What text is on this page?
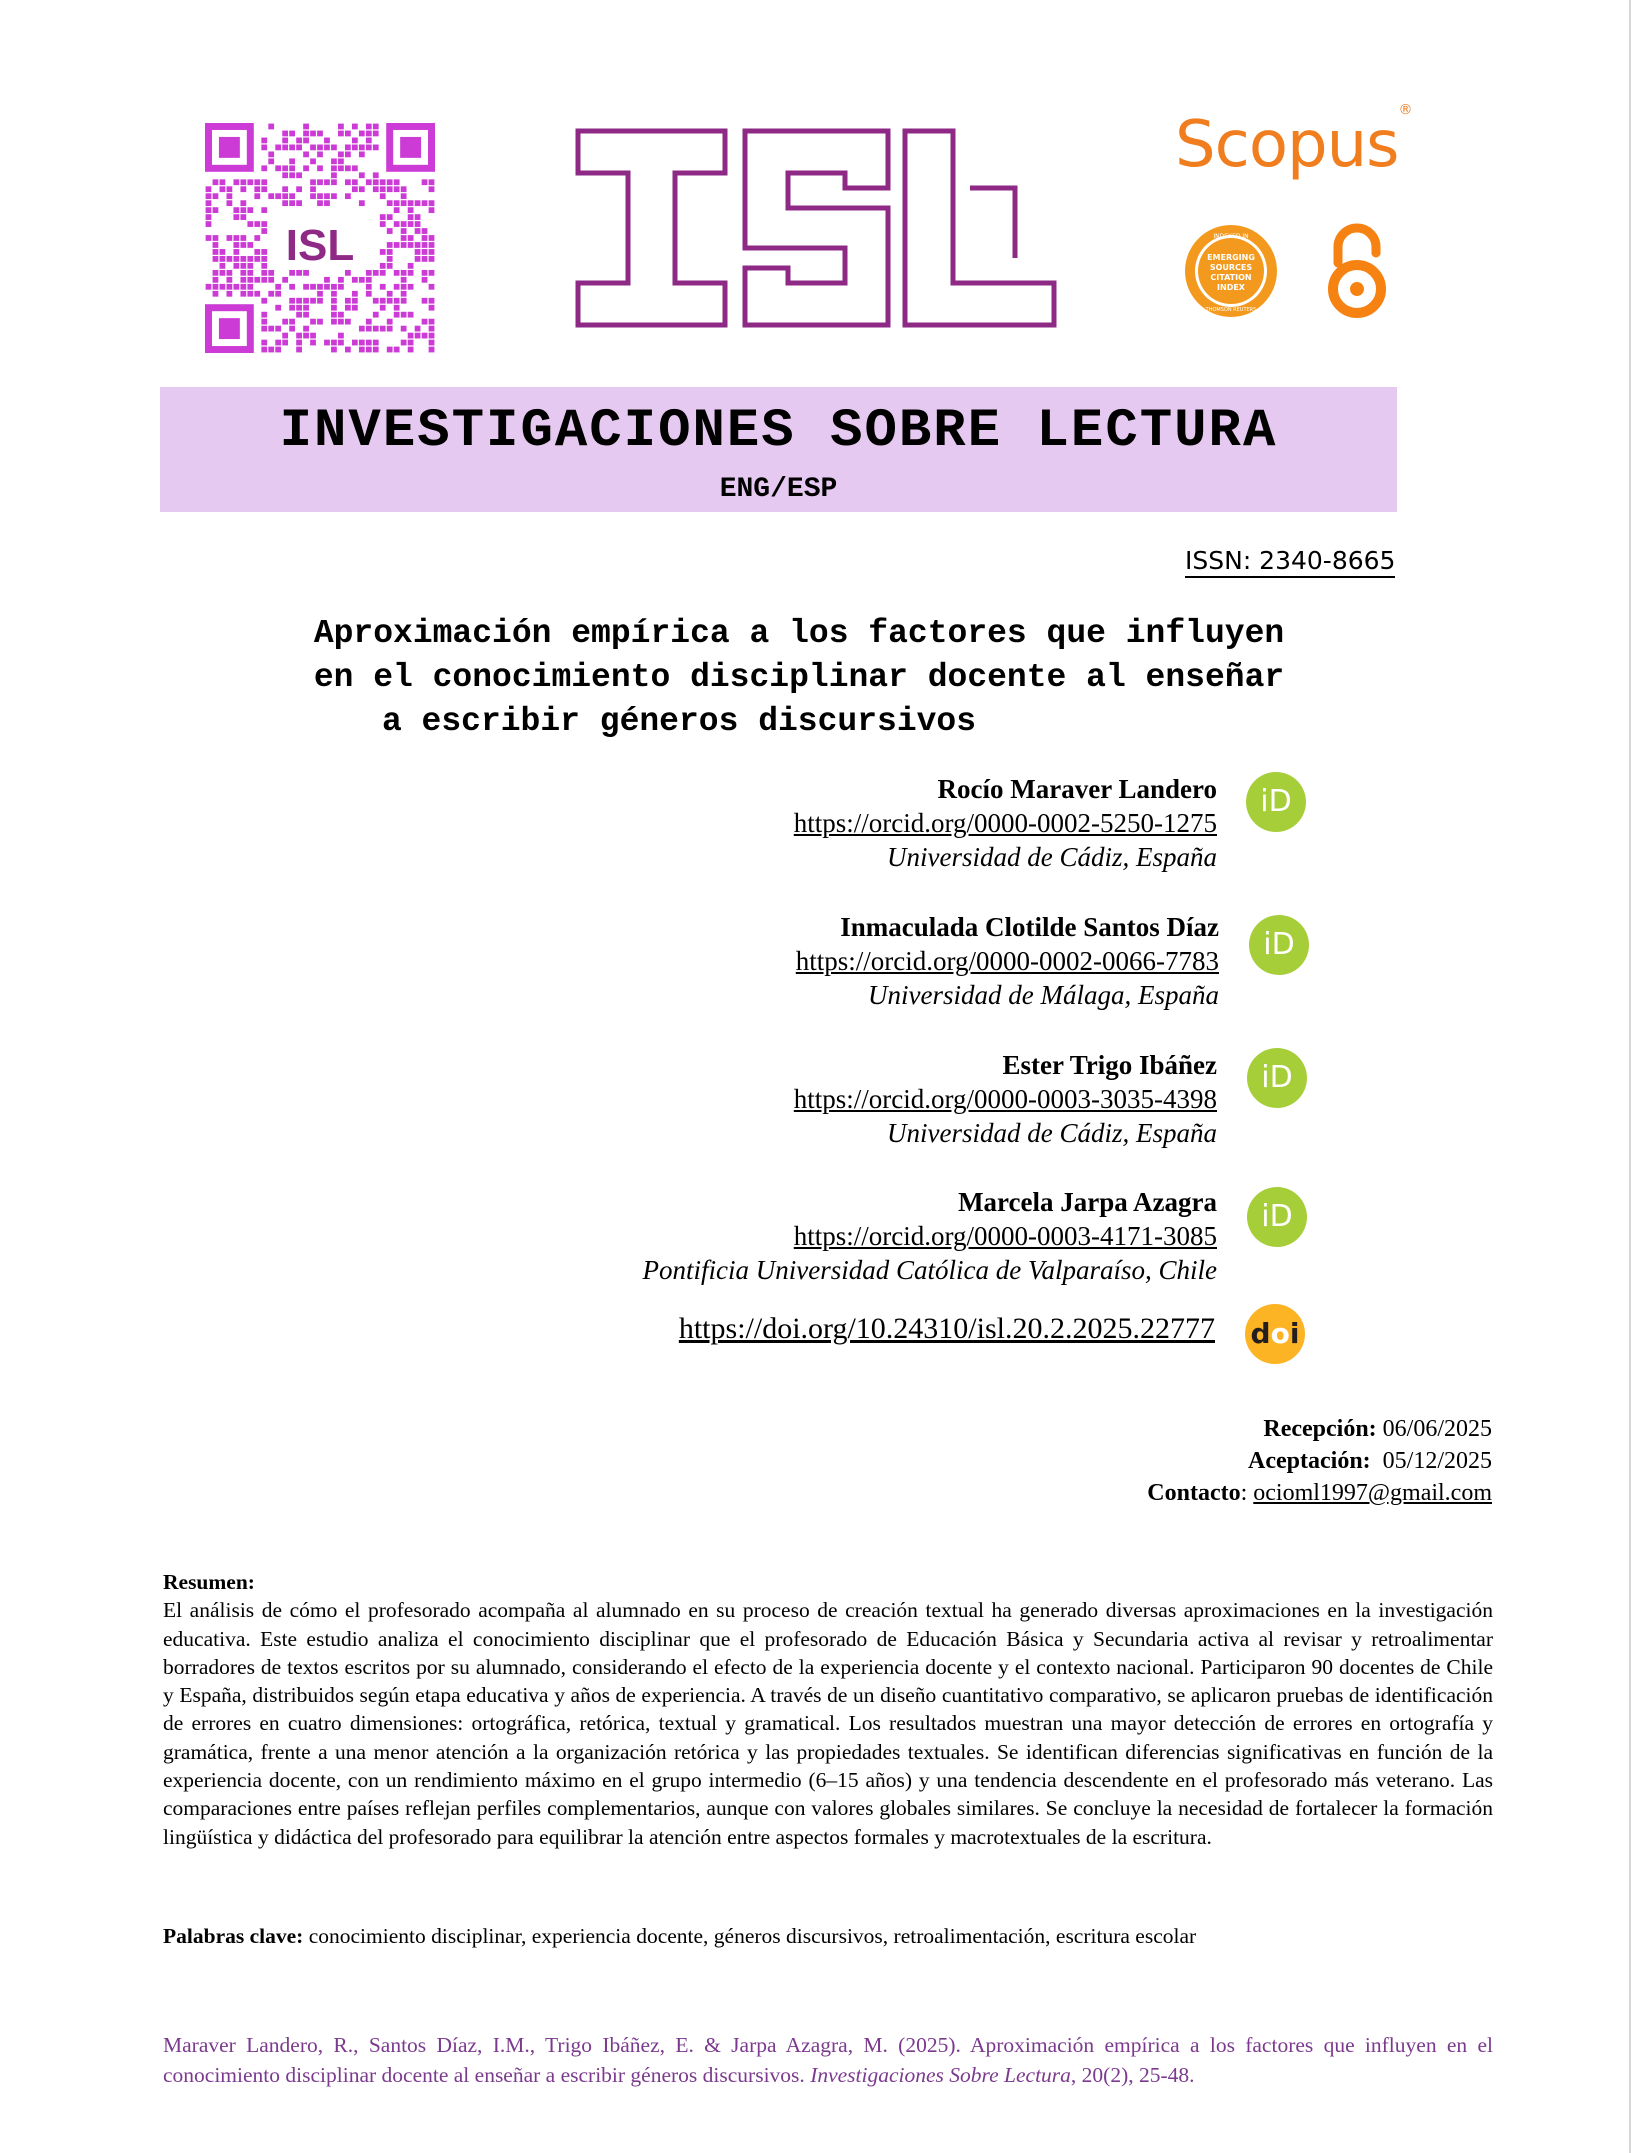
ISL
Scopus®
INDEXED IN
EMERGING
SOURCES
CITATION
INDEX
THOMSON REUTERS
INVESTIGACIONES SOBRE LECTURA
ENG/ESP
ISSN: 2340-8665
Aproximación empírica a los factores que influyen
en el conocimiento disciplinar docente al enseñar
a escribir géneros discursivos
Rocío Maraver Landero
https://orcid.org/0000-0002-5250-1275
Universidad de Cádiz, España
iD
Inmaculada Clotilde Santos Díaz
https://orcid.org/0000-0002-0066-7783
Universidad de Málaga, España
iD
Ester Trigo Ibáñez
https://orcid.org/0000-0003-3035-4398
Universidad de Cádiz, España
iD
Marcela Jarpa Azagra
https://orcid.org/0000-0003-4171-3085
Pontificia Universidad Católica de Valparaíso, Chile
iD
https://doi.org/10.24310/isl.20.2.2025.22777 doi
Recepción: 06/06/2025
Aceptación:  05/12/2025
Contacto: ocioml1997@gmail.com
Resumen:
El análisis de cómo el profesorado acompaña al alumnado en su proceso de creación textual ha generado diversas aproximaciones en la investigación educativa. Este estudio analiza el conocimiento disciplinar que el profesorado de Educación Básica y Secundaria activa al revisar y retroalimentar borradores de textos escritos por su alumnado, considerando el efecto de la experiencia docente y el contexto nacional. Participaron 90 docentes de Chile y España, distribuidos según etapa educativa y años de experiencia. A través de un diseño cuantitativo comparativo, se aplicaron pruebas de identificación de errores en cuatro dimensiones: ortográfica, retórica, textual y gramatical. Los resultados muestran una mayor detección de errores en ortografía y gramática, frente a una menor atención a la organización retórica y las propiedades textuales. Se identifican diferencias significativas en función de la experiencia docente, con un rendimiento máximo en el grupo intermedio (6–15 años) y una tendencia descendente en el profesorado más veterano. Las comparaciones entre países reflejan perfiles complementarios, aunque con valores globales similares. Se concluye la necesidad de fortalecer la formación lingüística y didáctica del profesorado para equilibrar la atención entre aspectos formales y macrotextuales de la escritura.
Palabras clave: conocimiento disciplinar, experiencia docente, géneros discursivos, retroalimentación, escritura escolar
Maraver Landero, R., Santos Díaz, I.M., Trigo Ibáñez, E. & Jarpa Azagra, M. (2025). Aproximación empírica a los factores que influyen en el conocimiento disciplinar docente al enseñar a escribir géneros discursivos. Investigaciones Sobre Lectura, 20(2), 25-48.
